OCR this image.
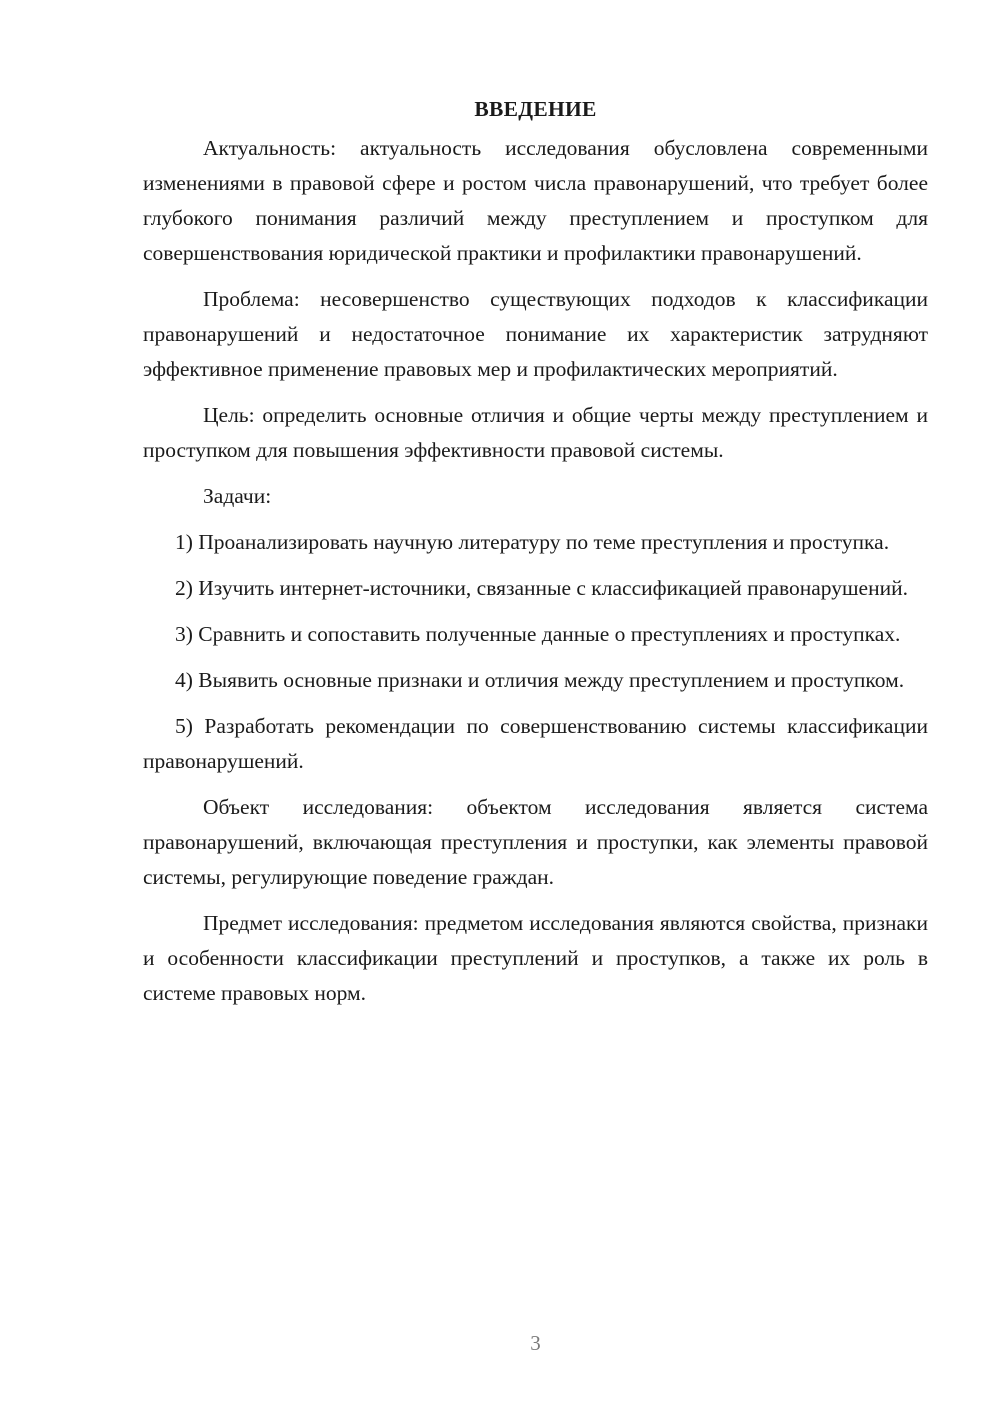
ВВЕДЕНИЕ

Актуальность: актуальность исследования обусловлена современными изменениями в правовой сфере и ростом числа правонарушений, что требует более глубокого понимания различий между преступлением и проступком для совершенствования юридической практики и профилактики правонарушений.

Проблема: несовершенство существующих подходов к классификации правонарушений и недостаточное понимание их характеристик затрудняют эффективное применение правовых мер и профилактических мероприятий.

Цель: определить основные отличия и общие черты между преступлением и проступком для повышения эффективности правовой системы.

Задачи:

1) Проанализировать научную литературу по теме преступления и проступка.

2) Изучить интернет-источники, связанные с классификацией правонарушений.

3) Сравнить и сопоставить полученные данные о преступлениях и проступках.

4) Выявить основные признаки и отличия между преступлением и проступком.

5) Разработать рекомендации по совершенствованию системы классификации правонарушений.

Объект исследования: объектом исследования является система правонарушений, включающая преступления и проступки, как элементы правовой системы, регулирующие поведение граждан.

Предмет исследования: предметом исследования являются свойства, признаки и особенности классификации преступлений и проступков, а также их роль в системе правовых норм.

3
